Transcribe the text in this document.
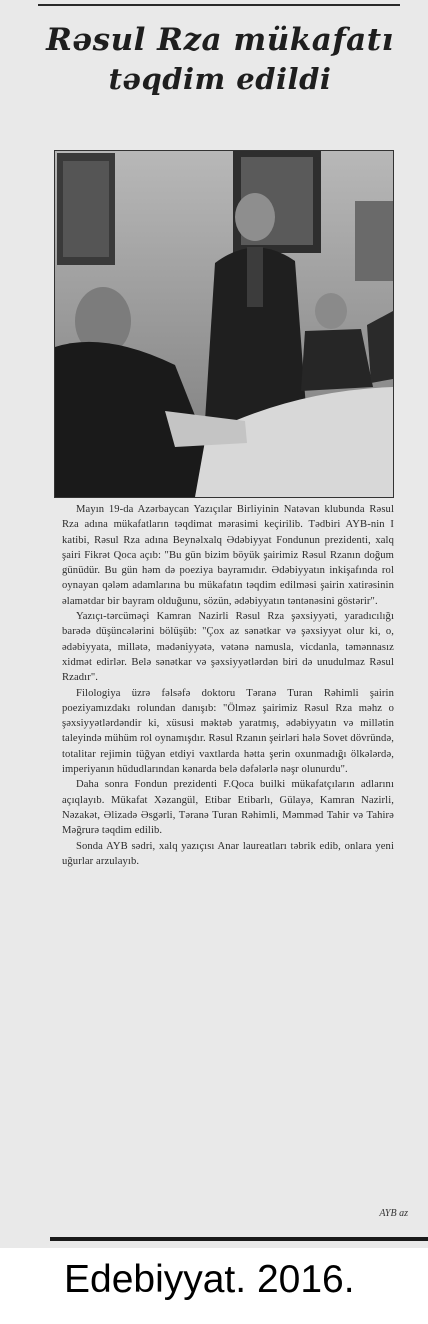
Rəsul Rza mükafatı
təqdim edildi

Mayın 19-da Azərbaycan Yazıçılar Birliyinin Natəvan klubunda Rəsul Rza adına mükafatların təqdimat mərasimi keçirilib. Tədbiri AYB-nin I katibi, Rəsul Rza adına Beynəlxalq Ədəbiyyat Fondunun prezidenti, xalq şairi Fikrət Qoca açıb: "Bu gün bizim böyük şairimiz Rəsul Rzanın doğum günüdür. Bu gün həm də poeziya bayramıdır. Ədəbiyyatın inkişafında rol oynayan qələm adamlarına bu mükafatın təqdim edilməsi şairin xatirəsinin əlamətdar bir bayram olduğunu, sözün, ədəbiyyatın təntənəsini göstərir".

Yazıçı-tərcüməçi Kamran Nazirli Rəsul Rza şəxsiyyəti, yaradıcılığı barədə düşüncələrini bölüşüb: "Çox az sənətkar və şəxsiyyət olur ki, o, ədəbiyyata, millətə, mədəniyyətə, vətənə namusla, vicdanla, təmənnasız xidmət edirlər. Belə sənətkar və şəxsiyyətlərdən biri də unudulmaz Rəsul Rzadır".

Filologiya üzrə fəlsəfə doktoru Təranə Turan Rəhimli şairin poeziyamızdakı rolundan danışıb: "Ölməz şairimiz Rəsul Rza məhz o şəxsiyyətlərdəndir ki, xüsusi məktəb yaratmış, ədəbiyyatın və millətin taleyində mühüm rol oynamışdır. Rəsul Rzanın şeirləri hələ Sovet dövründə, totalitar rejimin tüğyan etdiyi vaxtlarda hətta şerin oxunmadığı ölkələrdə, imperiyanın hüdudlarından kənarda belə dəfələrlə nəşr olunurdu".

Daha sonra Fondun prezidenti F.Qoca builki mükafatçıların adlarını açıqlayıb. Mükafat Xəzangül, Etibar Etibarlı, Gülayə, Kamran Nazirli, Nəzakət, Əlizadə Əsgərli, Təranə Turan Rəhimli, Məmməd Tahir və Tahirə Məğrurə təqdim edilib.

Sonda AYB sədri, xalq yazıçısı Anar laureatları təbrik edib, onlara yeni uğurlar arzulayıb.

AYB az
Edebiyyat. 2016.
